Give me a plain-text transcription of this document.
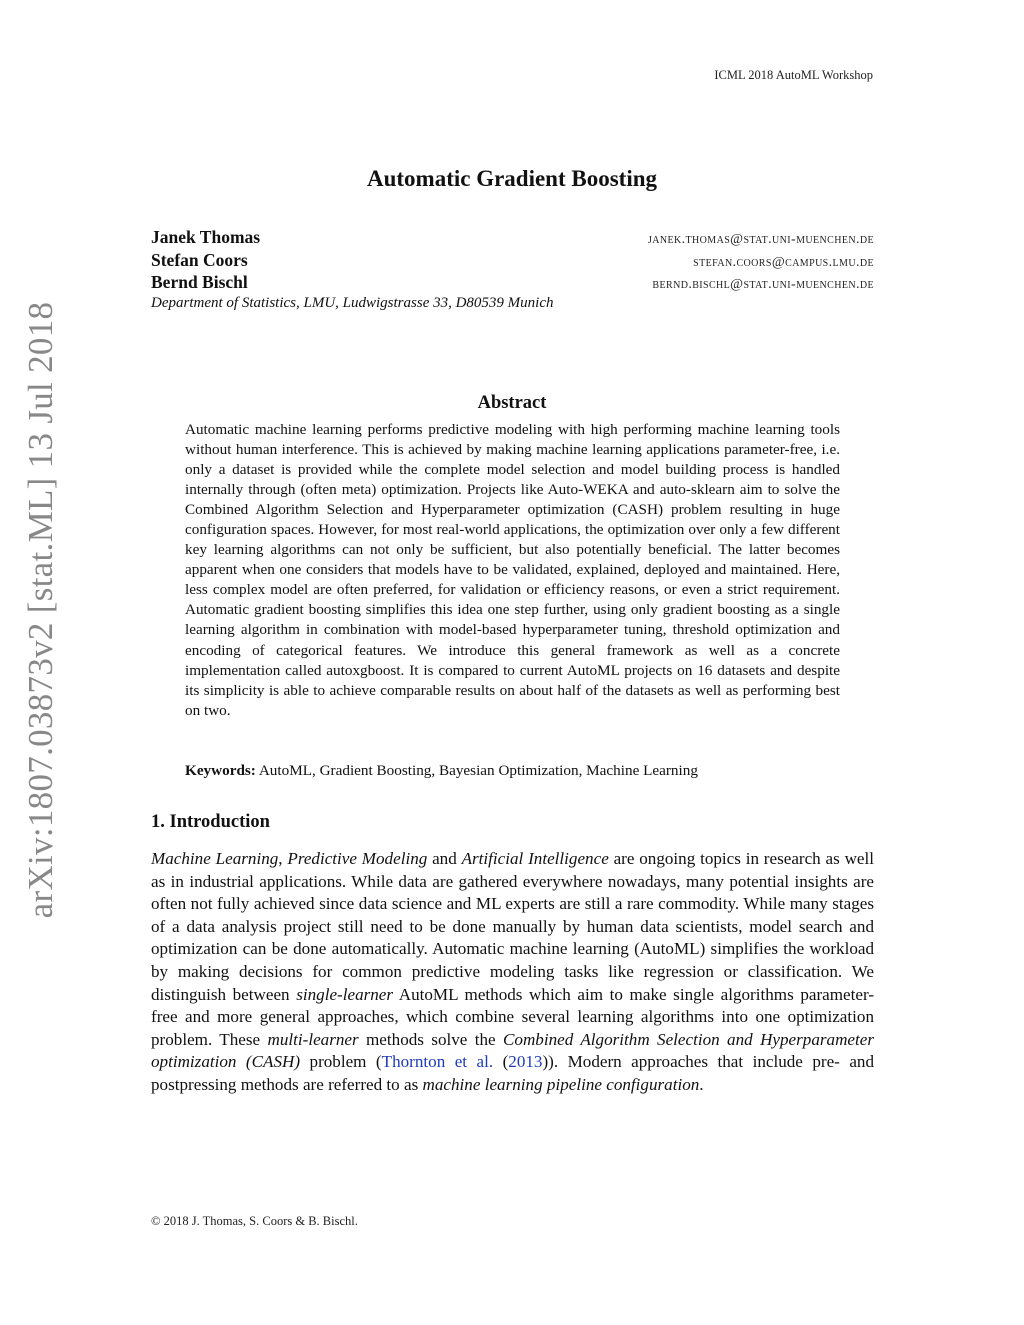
ICML 2018 AutoML Workshop
arXiv:1807.03873v2 [stat.ML] 13 Jul 2018
Automatic Gradient Boosting
Janek Thomas	janek.thomas@stat.uni-muenchen.de
Stefan Coors	stefan.coors@campus.lmu.de
Bernd Bischl	bernd.bischl@stat.uni-muenchen.de
Department of Statistics, LMU, Ludwigstrasse 33, D80539 Munich
Abstract
Automatic machine learning performs predictive modeling with high performing machine learning tools without human interference. This is achieved by making machine learning applications parameter-free, i.e. only a dataset is provided while the complete model selection and model building process is handled internally through (often meta) optimization. Projects like Auto-WEKA and auto-sklearn aim to solve the Combined Algorithm Selection and Hyperparameter optimization (CASH) problem resulting in huge configuration spaces. However, for most real-world applications, the optimization over only a few different key learning algorithms can not only be sufficient, but also potentially beneficial. The latter becomes apparent when one considers that models have to be validated, explained, deployed and maintained. Here, less complex model are often preferred, for validation or efficiency reasons, or even a strict requirement. Automatic gradient boosting simplifies this idea one step further, using only gradient boosting as a single learning algorithm in combination with model-based hyperparameter tuning, threshold optimization and encoding of categorical features. We introduce this general framework as well as a concrete implementation called autoxgboost. It is compared to current AutoML projects on 16 datasets and despite its simplicity is able to achieve comparable results on about half of the datasets as well as performing best on two.
Keywords: AutoML, Gradient Boosting, Bayesian Optimization, Machine Learning
1. Introduction
Machine Learning, Predictive Modeling and Artificial Intelligence are ongoing topics in research as well as in industrial applications. While data are gathered everywhere nowadays, many potential insights are often not fully achieved since data science and ML experts are still a rare commodity. While many stages of a data analysis project still need to be done manually by human data scientists, model search and optimization can be done automatically. Automatic machine learning (AutoML) simplifies the workload by making decisions for common predictive modeling tasks like regression or classification. We distinguish between single-learner AutoML methods which aim to make single algorithms parameter-free and more general approaches, which combine several learning algorithms into one optimization problem. These multi-learner methods solve the Combined Algorithm Selection and Hyperparameter optimization (CASH) problem (Thornton et al. (2013)). Modern approaches that include pre- and postpressing methods are referred to as machine learning pipeline configuration.
© 2018 J. Thomas, S. Coors & B. Bischl.
